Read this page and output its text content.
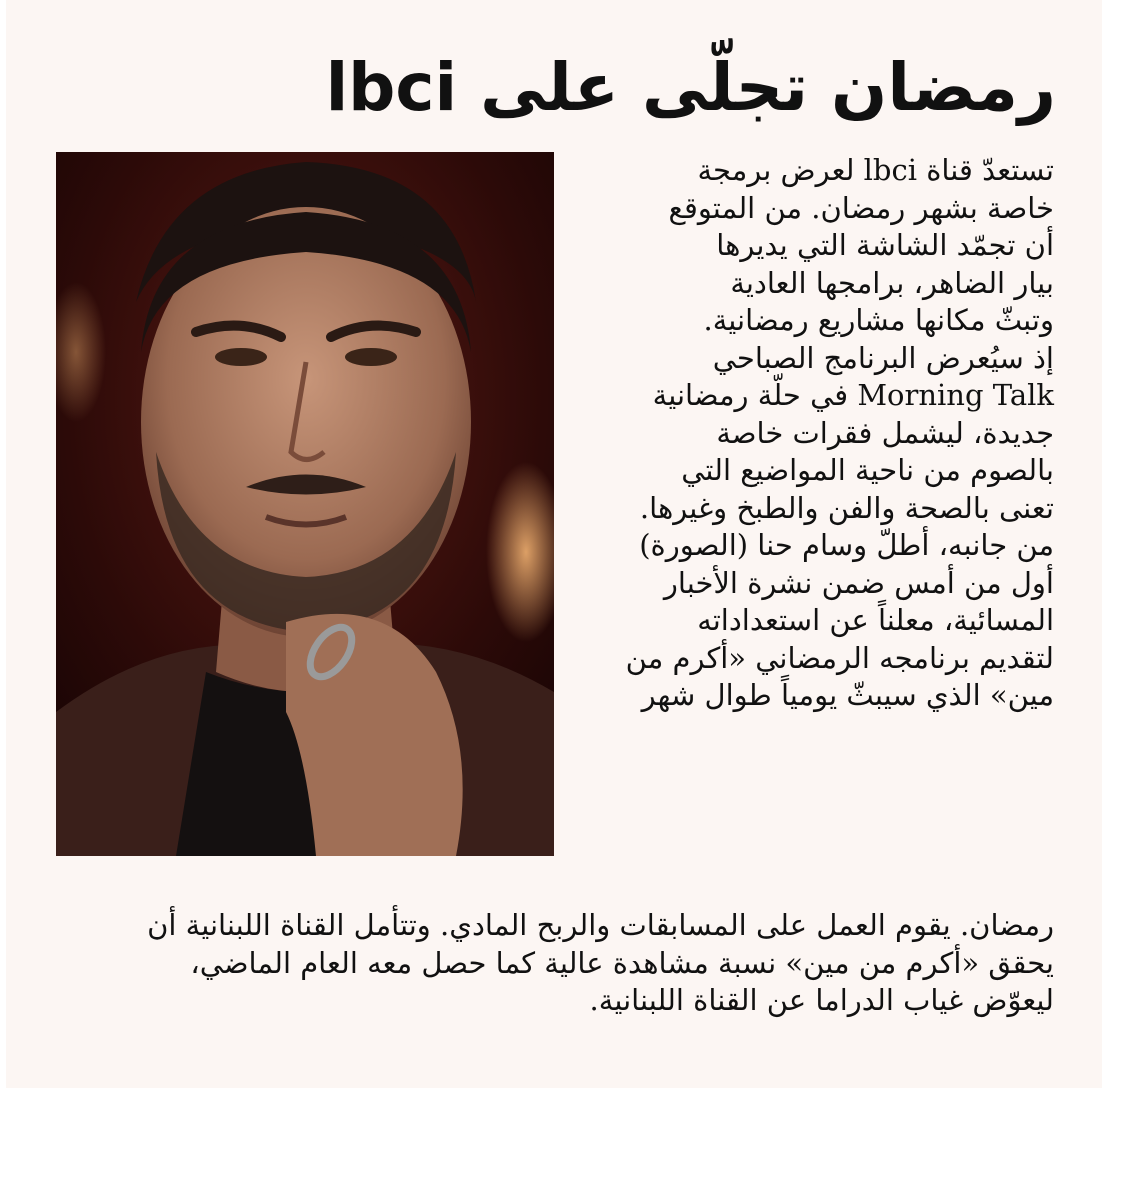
رمضان تجلّى على lbci

تستعدّ قناة lbci لعرض برمجة

خاصة بشهر رمضان. من المتوقع

أن تجمّد الشاشة التي يديرها

بيار الضاهر، برامجها العادية

وتبثّ مكانها مشاريع رمضانية.

إذ سيُعرض البرنامج الصباحي

Morning Talk في حلّة رمضانية

جديدة، ليشمل فقرات خاصة

بالصوم من ناحية المواضيع التي

تعنى بالصحة والفن والطبخ وغيرها.

من جانبه، أطلّ وسام حنا (الصورة)

أول من أمس ضمن نشرة الأخبار

المسائية، معلناً عن استعداداته

لتقديم برنامجه الرمضاني «أكرم من

مين» الذي سيبثّ يومياً طوال شهر

رمضان. يقوم العمل على المسابقات والربح المادي. وتتأمل القناة اللبنانية أن

يحقق «أكرم من مين» نسبة مشاهدة عالية كما حصل معه العام الماضي،

ليعوّض غياب الدراما عن القناة اللبنانية.
